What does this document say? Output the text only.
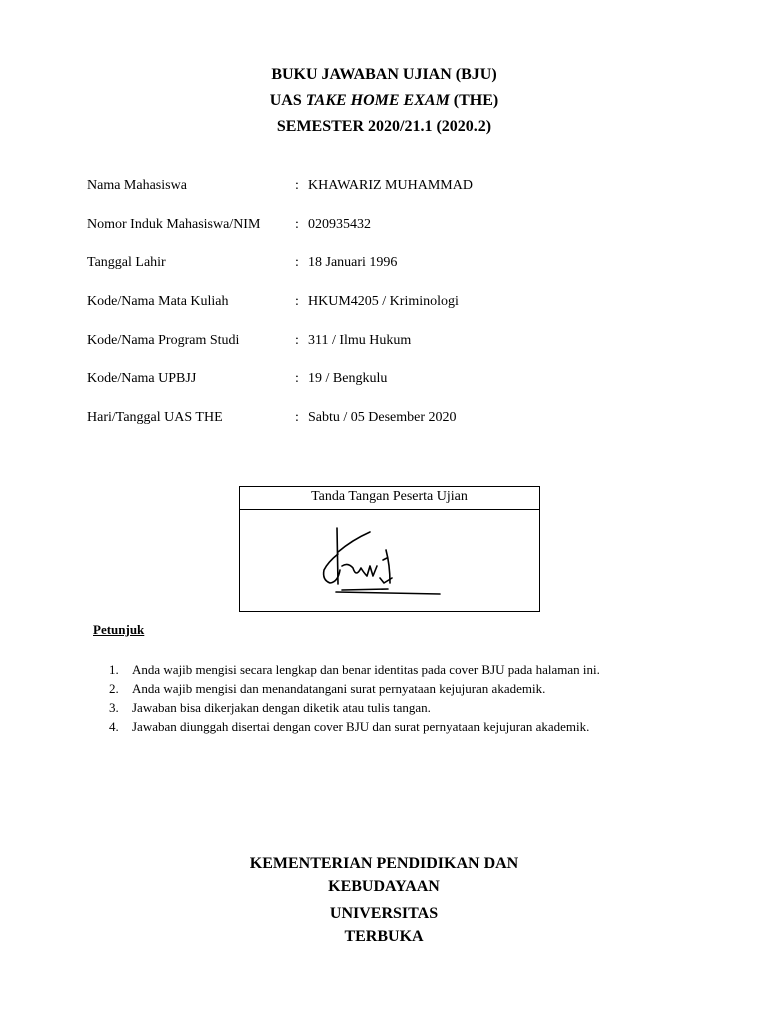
BUKU JAWABAN UJIAN (BJU)
UAS TAKE HOME EXAM (THE)
SEMESTER 2020/21.1 (2020.2)
Nama Mahasiswa	: KHAWARIZ MUHAMMAD
Nomor Induk Mahasiswa/NIM : 020935432
Tanggal Lahir	: 18 Januari 1996
Kode/Nama Mata Kuliah	: HKUM4205 / Kriminologi
Kode/Nama Program Studi	: 311 / Ilmu Hukum
Kode/Nama UPBJJ	: 19 / Bengkulu
Hari/Tanggal UAS THE	: Sabtu / 05 Desember 2020
Tanda Tangan Peserta Ujian
Petunjuk
1. Anda wajib mengisi secara lengkap dan benar identitas pada cover BJU pada halaman ini.
2. Anda wajib mengisi dan menandatangani surat pernyataan kejujuran akademik.
3. Jawaban bisa dikerjakan dengan diketik atau tulis tangan.
4. Jawaban diunggah disertai dengan cover BJU dan surat pernyataan kejujuran akademik.
KEMENTERIAN PENDIDIKAN DAN
KEBUDAYAAN
UNIVERSITAS
TERBUKA
